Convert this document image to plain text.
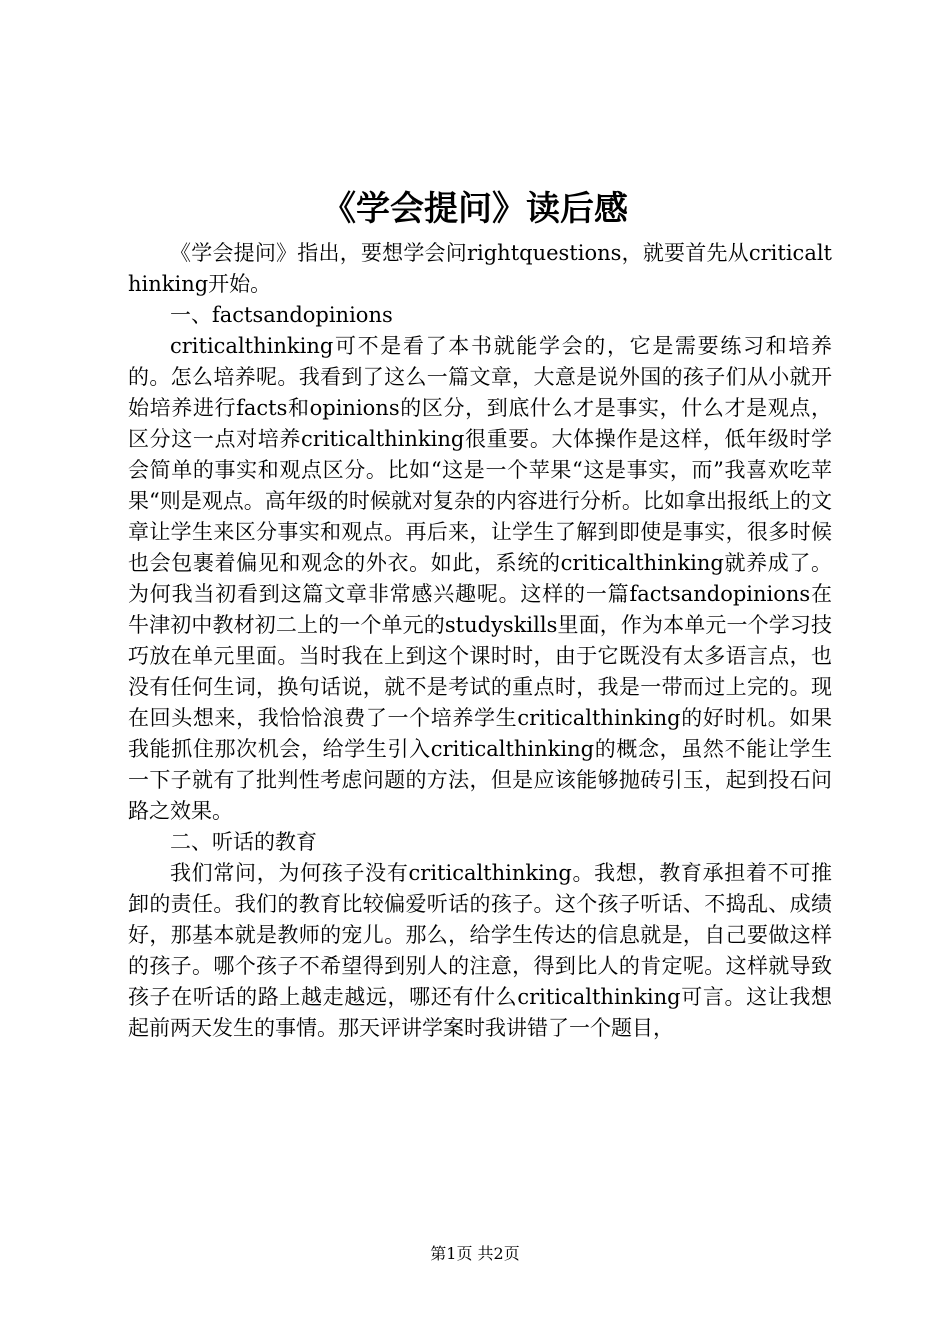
《学会提问》读后感

《学会提问》指出，要想学会问rightquestions，就要首先从criticalthinking开始。

一、factsandopinions

criticalthinking可不是看了本书就能学会的，它是需要练习和培养的。怎么培养呢。我看到了这么一篇文章，大意是说外国的孩子们从小就开始培养进行facts和opinions的区分，到底什么才是事实，什么才是观点，区分这一点对培养criticalthinking很重要。大体操作是这样，低年级时学会简单的事实和观点区分。比如“这是一个苹果“这是事实，而”我喜欢吃苹果“则是观点。高年级的时候就对复杂的内容进行分析。比如拿出报纸上的文章让学生来区分事实和观点。再后来，让学生了解到即使是事实，很多时候也会包裹着偏见和观念的外衣。如此，系统的criticalthinking就养成了。为何我当初看到这篇文章非常感兴趣呢。这样的一篇factsandopinions在牛津初中教材初二上的一个单元的studyskills里面，作为本单元一个学习技巧放在单元里面。当时我在上到这个课时时，由于它既没有太多语言点，也没有任何生词，换句话说，就不是考试的重点时，我是一带而过上完的。现在回头想来，我恰恰浪费了一个培养学生criticalthinking的好时机。如果我能抓住那次机会，给学生引入criticalthinking的概念，虽然不能让学生一下子就有了批判性考虑问题的方法，但是应该能够抛砖引玉，起到投石问路之效果。

二、听话的教育

我们常问，为何孩子没有criticalthinking。我想，教育承担着不可推卸的责任。我们的教育比较偏爱听话的孩子。这个孩子听话、不捣乱、成绩好，那基本就是教师的宠儿。那么，给学生传达的信息就是，自己要做这样的孩子。哪个孩子不希望得到别人的注意，得到比人的肯定呢。这样就导致孩子在听话的路上越走越远，哪还有什么criticalthinking可言。这让我想起前两天发生的事情。那天评讲学案时我讲错了一个题目，

第1页 共2页
